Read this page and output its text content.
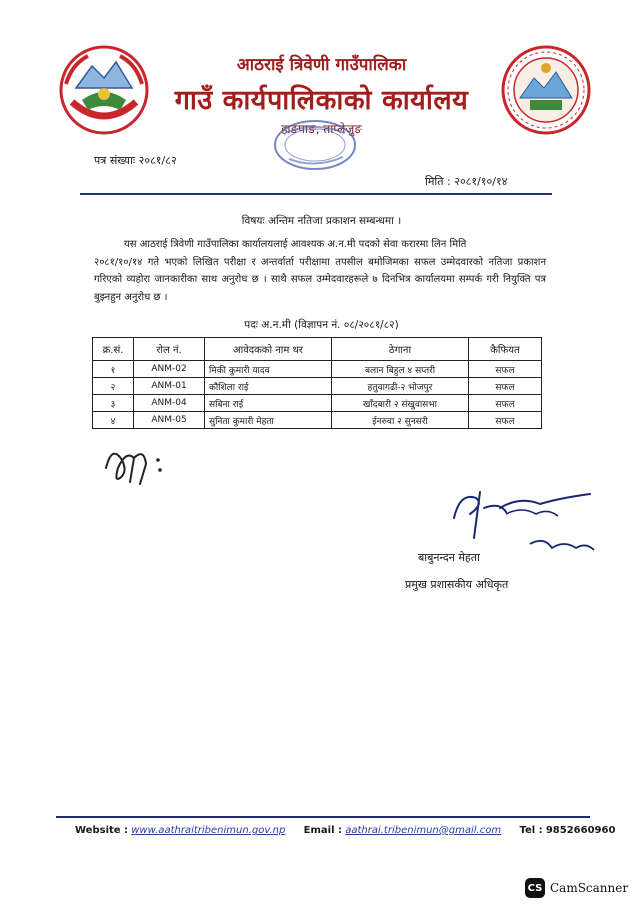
आठराई त्रिवेणी गाउँपालिका
गाउँ कार्यपालिकाको कार्यालय
हाङपाङ, ताप्लेजुङ
पत्र संख्याः २०८१/८२
मिति : २०८१/१०/१४
विषयः अन्तिम नतिजा प्रकाशन सम्बन्धमा ।
यस आठराई त्रिवेणी गाउँपालिका कार्यालयलाई आवश्यक अ.न.मी पदको सेवा करारमा लिन मिति
२०८१/१०/१४ गते भएको लिखित परीक्षा र अन्तर्वार्ता परीक्षामा तपसील बमोजिमका सफल उम्मेदवारको नतिजा प्रकाशन गरिएको व्यहोरा जानकारीका साथ अनुरोध छ । साथै सफल उम्मेदवारहरूले ७ दिनभित्र कार्यालयमा सम्पर्क गरी नियुक्ति पत्र बुझ्नहुन अनुरोध छ ।
पदः अ.न.मी (विज्ञापन नं. ०८/२०८१/८२)
क्र.सं.	रोल नं.	आवेदकको नाम थर	ठेगाना	कैफियत
१	ANM-02	मिकी कुमारी यादव	बलान बिहुल ४ सप्तरी	सफल
२	ANM-01	कौशिला राई	हतुवागढी-२ भोजपुर	सफल
३	ANM-04	सबिना राई	खाँदबारी २ संखुवासभा	सफल
४	ANM-05	सुनिता कुमारी मेहता	ईनरुवा २ सुनसरी	सफल
बाबुनन्दन मेहता
प्रमुख प्रशासकीय अधिकृत
Website : www.aathraitribenimun.gov.np Email : aathrai.tribenimun@gmail.com Tel : 9852660960
CS CamScanner
